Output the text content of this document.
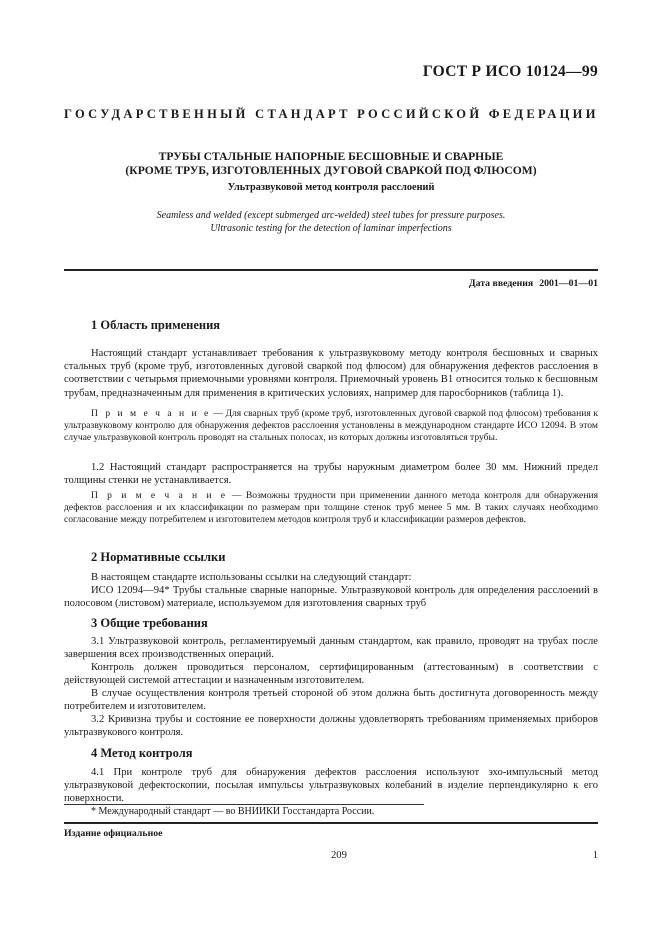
ГОСТ Р ИСО 10124—99
ГОСУДАРСТВЕННЫЙ СТАНДАРТ РОССИЙСКОЙ ФЕДЕРАЦИИ
ТРУБЫ СТАЛЬНЫЕ НАПОРНЫЕ БЕСШОВНЫЕ И СВАРНЫЕ
(КРОМЕ ТРУБ, ИЗГОТОВЛЕННЫХ ДУГОВОЙ СВАРКОЙ ПОД ФЛЮСОМ)
Ультразвуковой метод контроля расслоений
Seamless and welded (except submerged arc-welded) steel tubes for pressure purposes.
Ultrasonic testing for the detection of laminar imperfections
Дата введения 2001—01—01
1 Область применения

Настоящий стандарт устанавливает требования к ультразвуковому методу контроля бесшовных и сварных стальных труб (кроме труб, изготовленных дуговой сваркой под флюсом) для обнаружения дефектов расслоения в соответствии с четырьмя приемочными уровнями контроля. Приемочный уровень В1 относится только к бесшовным трубам, предназначенным для применения в критических условиях, например для паросборников (таблица 1).

П р и м е ч а н и е — Для сварных труб (кроме труб, изготовленных дуговой сваркой под флюсом) требования к ультразвуковому контролю для обнаружения дефектов расслоения установлены в международном стандарте ИСО 12094. В этом случае ультразвуковой контроль проводят на стальных полосах, из которых должны изготовляться трубы.

1.2 Настоящий стандарт распространяется на трубы наружным диаметром более 30 мм. Нижний предел толщины стенки не устанавливается.

П р и м е ч а н и е — Возможны трудности при применении данного метода контроля для обнаружения дефектов расслоения и их классификации по размерам при толщине стенок труб менее 5 мм. В таких случаях необходимо согласование между потребителем и изготовителем методов контроля труб и классификации размеров дефектов.

2 Нормативные ссылки

В настоящем стандарте использованы ссылки на следующий стандарт:

ИСО 12094—94* Трубы стальные сварные напорные. Ультразвуковой контроль для определения расслоений в полосовом (листовом) материале, используемом для изготовления сварных труб

3 Общие требования

3.1 Ультразвуковой контроль, регламентируемый данным стандартом, как правило, проводят на трубах после завершения всех производственных операций.

Контроль должен проводиться персоналом, сертифицированным (аттестованным) в соответствии с действующей системой аттестации и назначенным изготовителем.

В случае осуществления контроля третьей стороной об этом должна быть достигнута договоренность между потребителем и изготовителем.

3.2 Кривизна трубы и состояние ее поверхности должны удовлетворять требованиям применяемых приборов ультразвукового контроля.

4 Метод контроля

4.1 При контроле труб для обнаружения дефектов расслоения используют эхо-импульсный метод ультразвуковой дефектоскопии, посылая импульсы ультразвуковых колебаний в изделие перпендикулярно к его поверхности.

* Международный стандарт — во ВНИИКИ Госстандарта России.
Издание официальное
209	1
